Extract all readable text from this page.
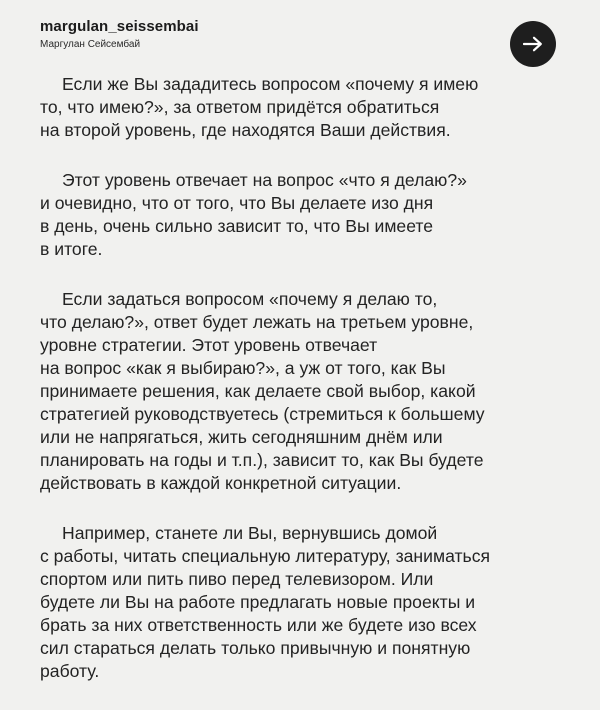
margulan_seissembai
Маргулан Сейсембай

Если же Вы зададитесь вопросом «почему я имею
то, что имею?», за ответом придётся обратиться
на второй уровень, где находятся Ваши действия.

Этот уровень отвечает на вопрос «что я делаю?»
и очевидно, что от того, что Вы делаете изо дня
в день, очень сильно зависит то, что Вы имеете
в итоге.

Если задаться вопросом «почему я делаю то,
что делаю?», ответ будет лежать на третьем уровне,
уровне стратегии. Этот уровень отвечает
на вопрос «как я выбираю?», а уж от того, как Вы
принимаете решения, как делаете свой выбор, какой
стратегией руководствуетесь (стремиться к большему
или не напрягаться, жить сегодняшним днём или
планировать на годы и т.п.), зависит то, как Вы будете
действовать в каждой конкретной ситуации.

Например, станете ли Вы, вернувшись домой
с работы, читать специальную литературу, заниматься
спортом или пить пиво перед телевизором. Или
будете ли Вы на работе предлагать новые проекты и
брать за них ответственность или же будете изо всех
сил стараться делать только привычную и понятную
работу.
